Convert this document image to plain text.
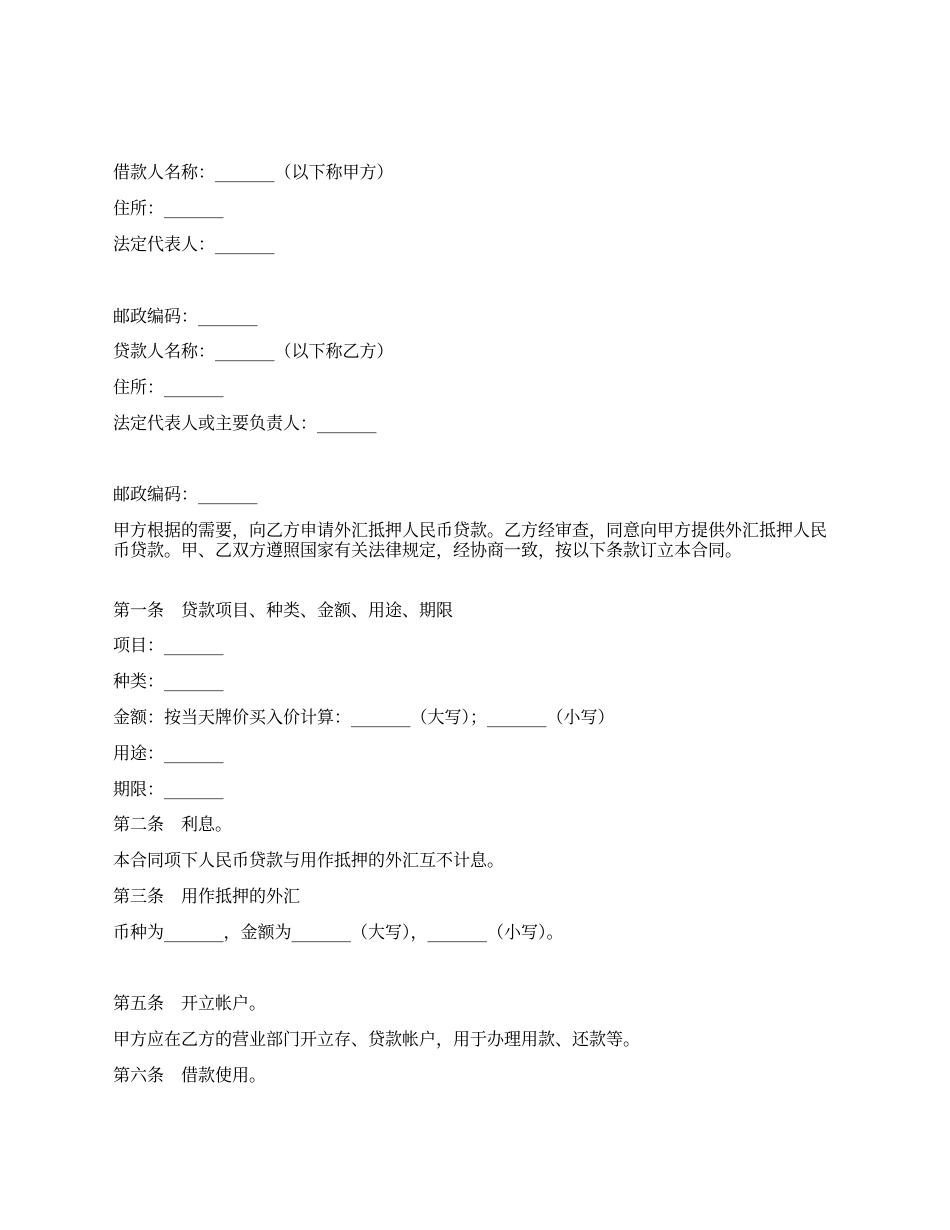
借款人名称：_______（以下称甲方）
住所：_______
法定代表人：_______
邮政编码：_______
贷款人名称：_______（以下称乙方）
住所：_______
法定代表人或主要负责人：_______
邮政编码：_______
甲方根据的需要，向乙方申请外汇抵押人民币贷款。乙方经审查，同意向甲方提供外汇抵押人民币贷款。甲、乙双方遵照国家有关法律规定，经协商一致，按以下条款订立本合同。
第一条　贷款项目、种类、金额、用途、期限
项目：_______
种类：_______
金额：按当天牌价买入价计算：_______（大写）；_______（小写）
用途：_______
期限：_______
第二条　利息。
本合同项下人民币贷款与用作抵押的外汇互不计息。
第三条　用作抵押的外汇
币种为_______，金额为_______（大写），_______（小写）。
第五条　开立帐户。
甲方应在乙方的营业部门开立存、贷款帐户，用于办理用款、还款等。
第六条　借款使用。
